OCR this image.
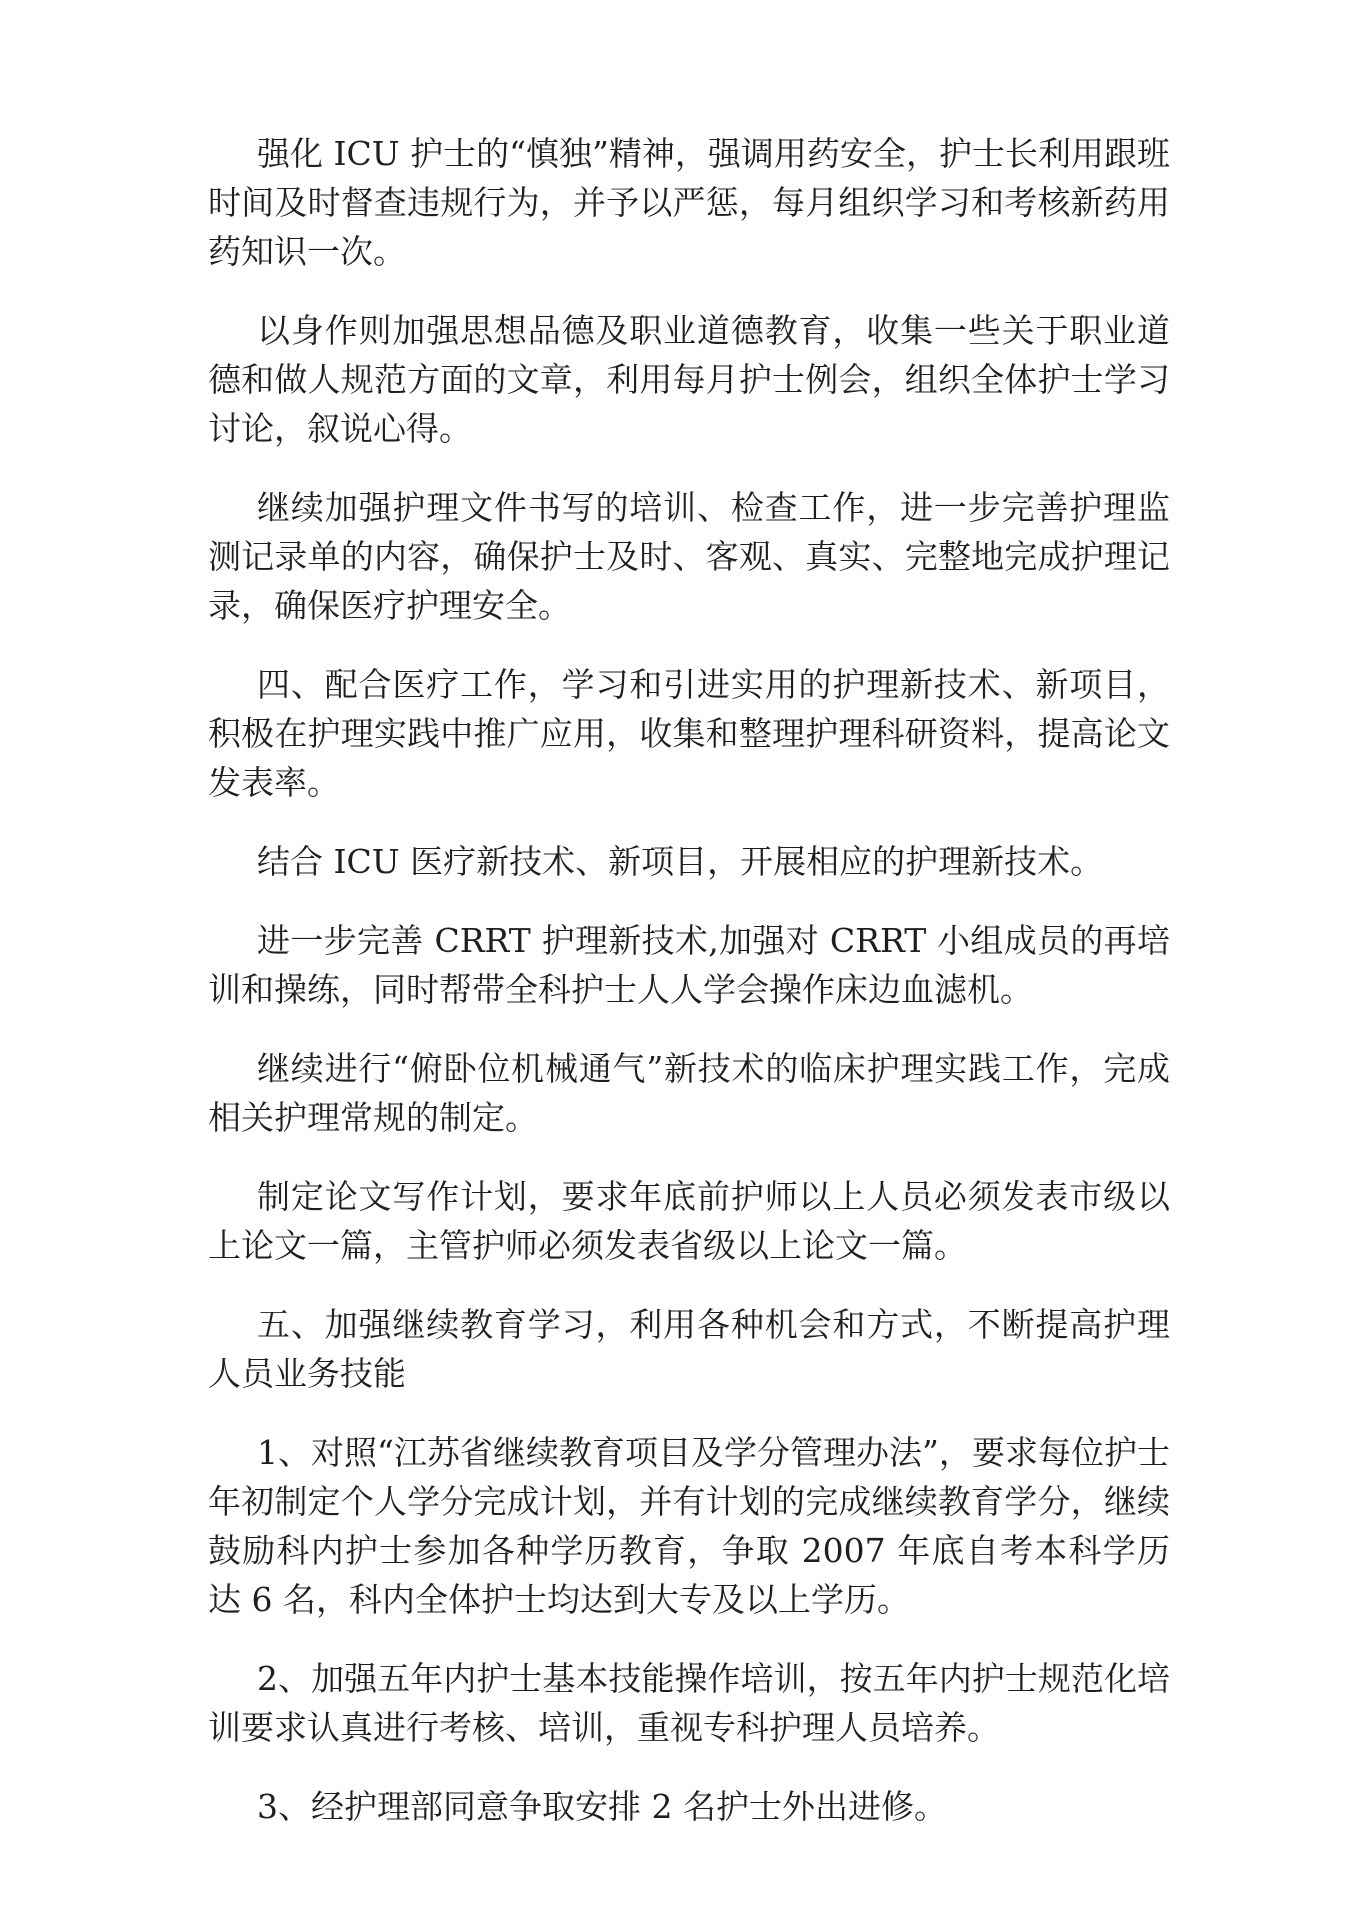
强化 ICU 护士的“慎独”精神，强调用药安全，护士长利用跟班时间及时督查违规行为，并予以严惩，每月组织学习和考核新药用药知识一次。

以身作则加强思想品德及职业道德教育，收集一些关于职业道德和做人规范方面的文章，利用每月护士例会，组织全体护士学习讨论，叙说心得。

继续加强护理文件书写的培训、检查工作，进一步完善护理监测记录单的内容，确保护士及时、客观、真实、完整地完成护理记录，确保医疗护理安全。

四、配合医疗工作，学习和引进实用的护理新技术、新项目，积极在护理实践中推广应用，收集和整理护理科研资料，提高论文发表率。

结合 ICU 医疗新技术、新项目，开展相应的护理新技术。

进一步完善 CRRT 护理新技术,加强对 CRRT 小组成员的再培训和操练，同时帮带全科护士人人学会操作床边血滤机。

继续进行“俯卧位机械通气”新技术的临床护理实践工作，完成相关护理常规的制定。

制定论文写作计划，要求年底前护师以上人员必须发表市级以上论文一篇，主管护师必须发表省级以上论文一篇。

五、加强继续教育学习，利用各种机会和方式，不断提高护理人员业务技能

1、对照“江苏省继续教育项目及学分管理办法”，要求每位护士年初制定个人学分完成计划，并有计划的完成继续教育学分，继续鼓励科内护士参加各种学历教育，争取 2007 年底自考本科学历达 6 名，科内全体护士均达到大专及以上学历。

2、加强五年内护士基本技能操作培训，按五年内护士规范化培训要求认真进行考核、培训，重视专科护理人员培养。

3、经护理部同意争取安排 2 名护士外出进修。
